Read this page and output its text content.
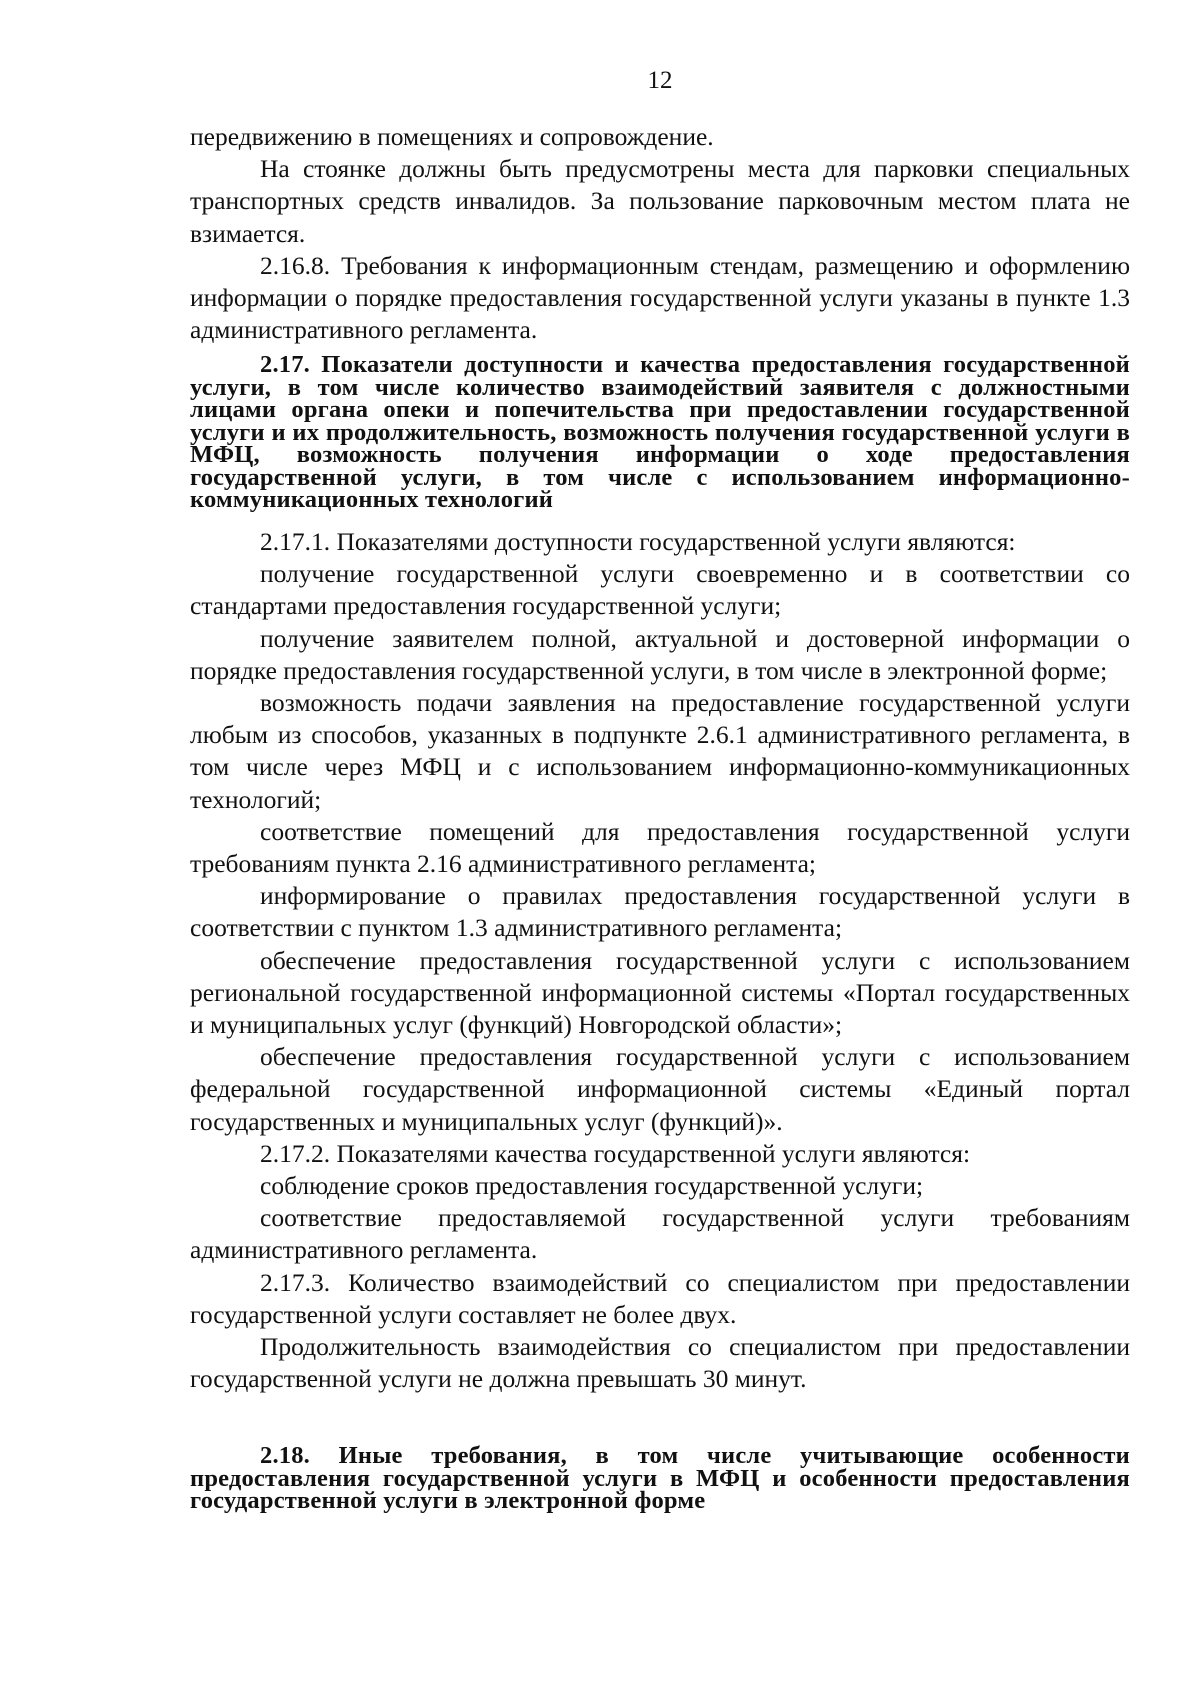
12

передвижению в помещениях и сопровождение.

На стоянке должны быть предусмотрены места для парковки специальных транспортных средств инвалидов. За пользование парковочным местом плата не взимается.

2.16.8. Требования к информационным стендам, размещению и оформлению информации о порядке предоставления государственной услуги указаны в пункте 1.3 административного регламента.

2.17. Показатели доступности и качества предоставления государственной услуги, в том числе количество взаимодействий заявителя с должностными лицами органа опеки и попечительства при предоставлении государственной услуги и их продолжительность, возможность получения государственной услуги в МФЦ, возможность получения информации о ходе предоставления государственной услуги, в том числе с использованием информационно-коммуникационных технологий

2.17.1. Показателями доступности государственной услуги являются:

получение государственной услуги своевременно и в соответствии со стандартами предоставления государственной услуги;

получение заявителем полной, актуальной и достоверной информации о порядке предоставления государственной услуги, в том числе в электронной форме;

возможность подачи заявления на предоставление государственной услуги любым из способов, указанных в подпункте 2.6.1 административного регламента, в том числе через МФЦ и с использованием информационно-коммуникационных технологий;

соответствие помещений для предоставления государственной услуги требованиям пункта 2.16 административного регламента;

информирование о правилах предоставления государственной услуги в соответствии с пунктом 1.3 административного регламента;

обеспечение предоставления государственной услуги с использованием региональной государственной информационной системы «Портал государственных и муниципальных услуг (функций) Новгородской области»;

обеспечение предоставления государственной услуги с использованием федеральной государственной информационной системы «Единый портал государственных и муниципальных услуг (функций)».

2.17.2. Показателями качества государственной услуги являются:

соблюдение сроков предоставления государственной услуги;

соответствие предоставляемой государственной услуги требованиям административного регламента.

2.17.3. Количество взаимодействий со специалистом при предоставлении государственной услуги составляет не более двух.

Продолжительность взаимодействия со специалистом при предоставлении государственной услуги не должна превышать 30 минут.

2.18. Иные требования, в том числе учитывающие особенности предоставления государственной услуги в МФЦ и особенности предоставления государственной услуги в электронной форме
